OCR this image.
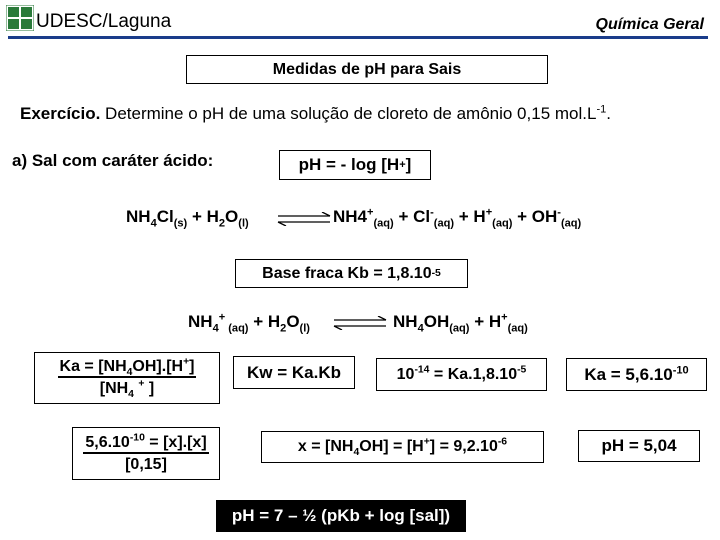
UDESC/Laguna	Química Geral
Medidas de pH para Sais
Exercício. Determine o pH de uma solução de cloreto de amônio 0,15 $mol.L^{-1}$.
a) Sal com caráter ácido:	pH = - log [H + ]
$NH_4Cl_{(s)} + H_2O_{(l)}$ ⇌ $NH4^+_{(aq)} + Cl^-_{(aq)} + H^+_{(aq)} + OH^-_{(aq)}$
Base fraca Kb = 1,8.10 -5
$NH_4^+$ $_{(aq)} + H_2O_{(l)}$ ⇌ $NH_4OH_{(aq)} + H^+_{(aq)}$
$\frac{Ka = [NH_4OH].[H^+]}{[NH_4 ^+ ]}$ Kw = Ka.Kb	$10^{-14} = Ka.1,8.10^{-5}$	$Ka = 5,6.10^{-10}$
$\frac{5,6.10^{-10} = [x].[x]}{[0,15]}$	$x = [NH_4OH] = [H^+] = 9,2.10^{-6}$	pH = 5,04
pH = 7 – ½ (pKb + log [sal])
